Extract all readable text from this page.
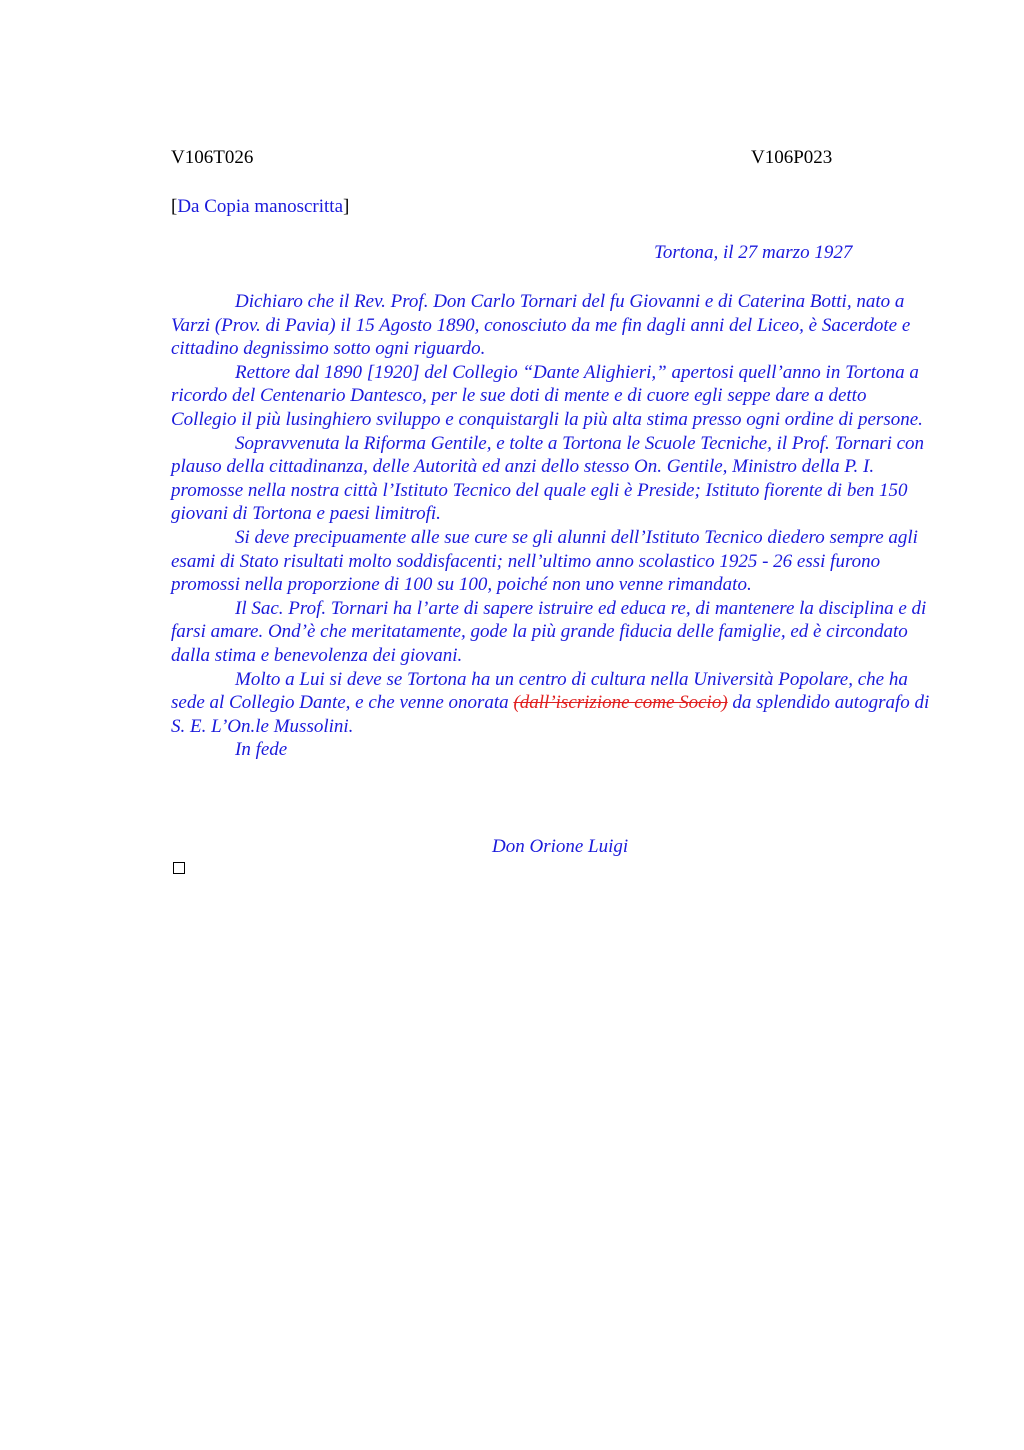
V106T026	V106P023
[Da Copia manoscritta]
Tortona, il 27 marzo 1927

Dichiaro che il Rev. Prof. Don Carlo Tornari del fu Giovanni e di Caterina Botti, nato a Varzi (Prov. di Pavia) il 15 Agosto 1890, conosciuto da me fin dagli anni del Liceo, è Sacerdote e cittadino degnissimo sotto ogni riguardo.

Rettore dal 1890 [1920] del Collegio “Dante Alighieri,” apertosi quell’anno in Tortona a ricordo del Centenario Dantesco, per le sue doti di mente e di cuore egli seppe dare a detto Collegio il più lusinghiero sviluppo e conquistargli la più alta stima presso ogni ordine di persone.

Sopravvenuta la Riforma Gentile, e tolte a Tortona le Scuole Tecniche, il Prof. Tornari con plauso della cittadinanza, delle Autorità ed anzi dello stesso On. Gentile, Ministro della P. I. promosse nella nostra città l’Istituto Tecnico del quale egli è Preside; Istituto fiorente di ben 150 giovani di Tortona e paesi limitrofi.

Si deve precipuamente alle sue cure se gli alunni dell’Istituto Tecnico diedero sempre agli esami di Stato risultati molto soddisfacenti; nell’ultimo anno scolastico 1925 - 26 essi furono promossi nella proporzione di 100 su 100, poiché non uno venne rimandato.

Il Sac. Prof. Tornari ha l’arte di sapere istruire ed educa re, di mantenere la disciplina e di farsi amare. Ond’è che meritatamente, gode la più grande fiducia delle famiglie, ed è circondato dalla stima e benevolenza dei giovani.

Molto a Lui si deve se Tortona ha un centro di cultura nella Università Popolare, che ha sede al Collegio Dante, e che venne onorata (dall’iscrizione come Socio) da splendido autografo di S. E. L’On.le Mussolini.

In fede

Don Orione Luigi
